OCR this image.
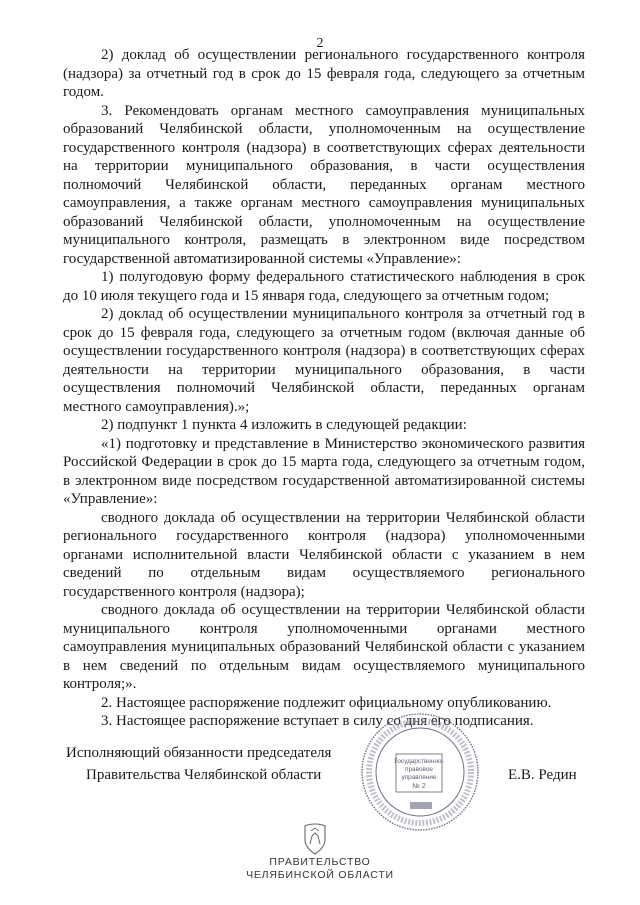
2

2) доклад об осуществлении регионального государственного контроля (надзора) за отчетный год в срок до 15 февраля года, следующего за отчетным годом.

3. Рекомендовать органам местного самоуправления муниципальных образований Челябинской области, уполномоченным на осуществление государственного контроля (надзора) в соответствующих сферах деятельности на территории муниципального образования, в части осуществления полномочий Челябинской области, переданных органам местного самоуправления, а также органам местного самоуправления муниципальных образований Челябинской области, уполномоченным на осуществление муниципального контроля, размещать в электронном виде посредством государственной автоматизированной системы «Управление»:

1) полугодовую форму федерального статистического наблюдения в срок до 10 июля текущего года и 15 января года, следующего за отчетным годом;

2) доклад об осуществлении муниципального контроля за отчетный год в срок до 15 февраля года, следующего за отчетным годом (включая данные об осуществлении государственного контроля (надзора) в соответствующих сферах деятельности на территории муниципального образования, в части осуществления полномочий Челябинской области, переданных органам местного самоуправления).»;

2) подпункт 1 пункта 4 изложить в следующей редакции:

«1) подготовку и представление в Министерство экономического развития Российской Федерации в срок до 15 марта года, следующего за отчетным годом, в электронном виде посредством государственной автоматизированной системы «Управление»:

сводного доклада об осуществлении на территории Челябинской области регионального государственного контроля (надзора) уполномоченными органами исполнительной власти Челябинской области с указанием в нем сведений по отдельным видам осуществляемого регионального государственного контроля (надзора);

сводного доклада об осуществлении на территории Челябинской области муниципального контроля уполномоченными органами местного самоуправления муниципальных образований Челябинской области с указанием в нем сведений по отдельным видам осуществляемого муниципального контроля;».

2. Настоящее распоряжение подлежит официальному опубликованию.

3. Настоящее распоряжение вступает в силу со дня его подписания.

Исполняющий обязанности председателя
Правительства Челябинской области	Е.В. Редин
Государственно-
правовое
управление
№ 2
ПРАВИТЕЛЬСТВО
ЧЕЛЯБИНСКОЙ ОБЛАСТИ
